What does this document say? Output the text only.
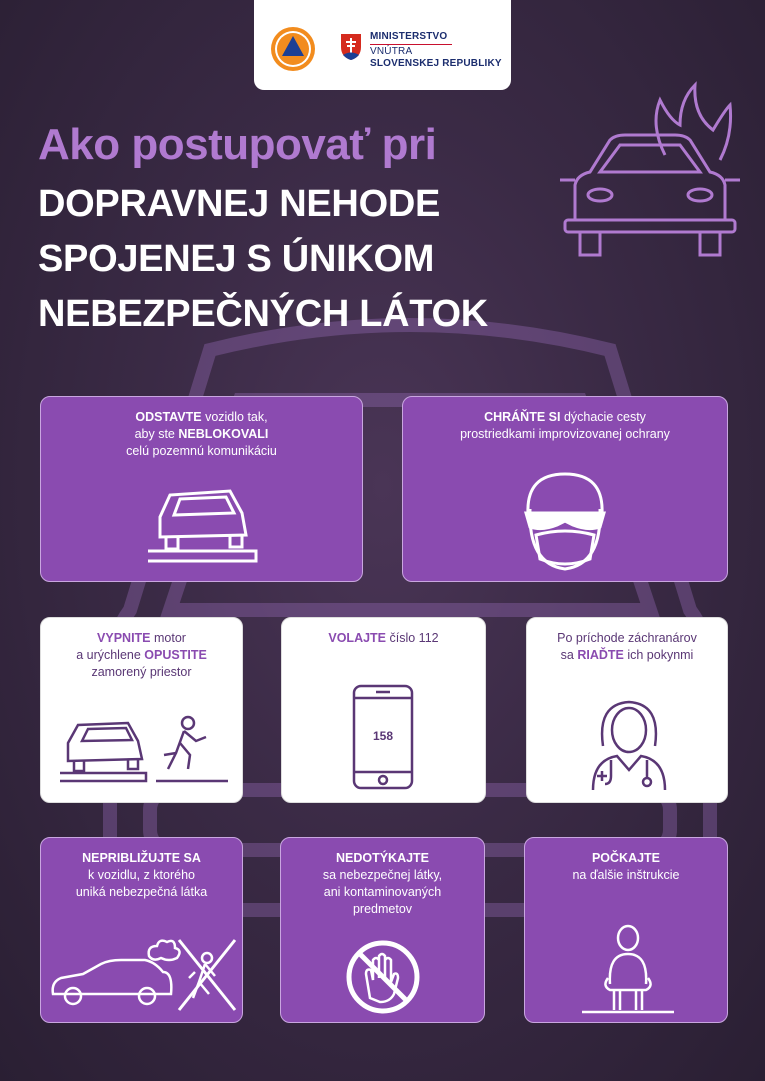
MINISTERSTVO
VNÚTRA
SLOVENSKEJ REPUBLIKY
Ako postupovať pri
DOPRAVNEJ NEHODE
SPOJENEJ S ÚNIKOM
NEBEZPEČNÝCH LÁTOK
ODSTAVTE vozidlo tak,
aby ste NEBLOKOVALI
celú pozemnú komunikáciu
CHRÁŇTE SI dýchacie cesty
prostriedkami improvizovanej ochrany
VYPNITE motor
a urýchlene OPUSTITE
zamorený priestor
VOLAJTE číslo 112
158
Po príchode záchranárov
sa RIAĎTE ich pokynmi
NEPRIBLIŽUJTE SA
k vozidlu, z ktorého
uniká nebezpečná látka
NEDOTÝKAJTE
sa nebezpečnej látky,
ani kontaminovaných
predmetov
POČKAJTE
na ďalšie inštrukcie
